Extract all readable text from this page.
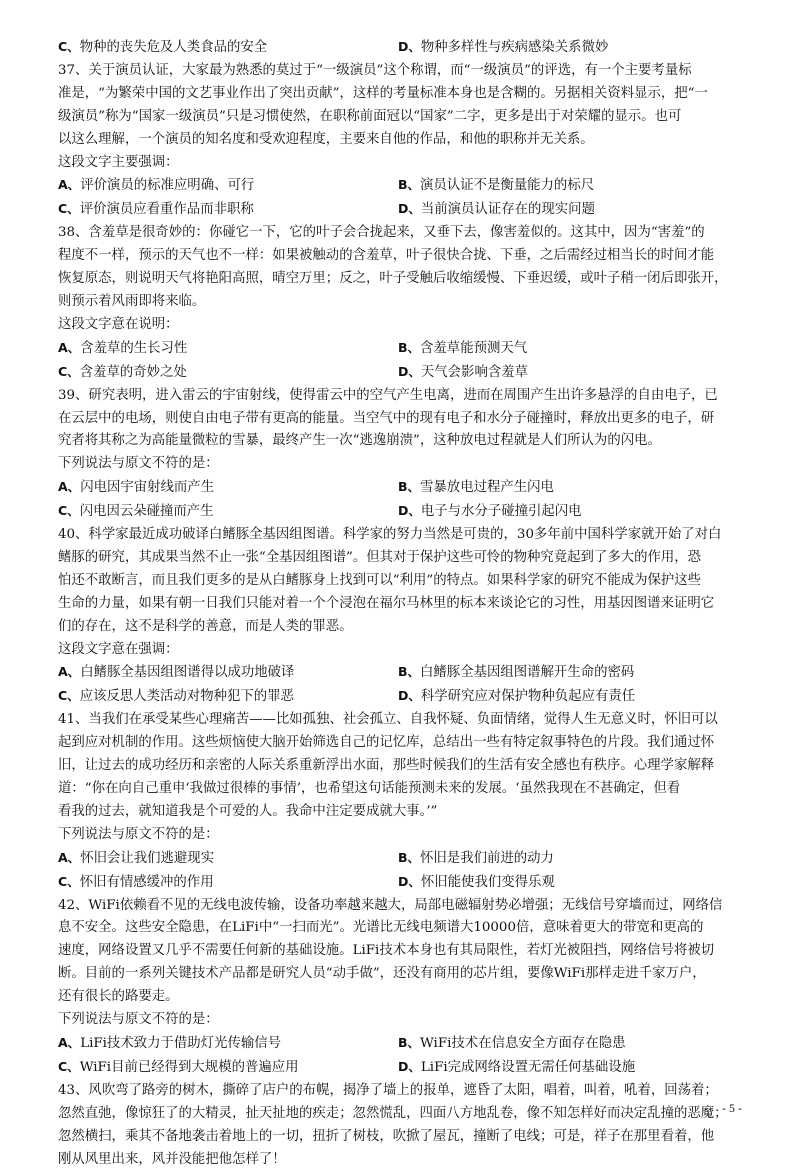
C、物种的丧失危及人类食品的安全	D、物种多样性与疾病感染关系微妙
37、关于演员认证，大家最为熟悉的莫过于“一级演员”这个称谓，而“一级演员”的评选，有一个主要考量标
准是，“为繁荣中国的文艺事业作出了突出贡献”，这样的考量标准本身也是含糊的。另据相关资料显示，把“一
级演员”称为“国家一级演员”只是习惯使然，在职称前面冠以“国家”二字，更多是出于对荣耀的显示。也可
以这么理解，一个演员的知名度和受欢迎程度，主要来自他的作品，和他的职称并无关系。
这段文字主要强调：
A、评价演员的标准应明确、可行	B、演员认证不是衡量能力的标尺
C、评价演员应看重作品而非职称	D、当前演员认证存在的现实问题
38、含羞草是很奇妙的：你碰它一下，它的叶子会合拢起来，又垂下去，像害羞似的。这其中，因为“害羞”的
程度不一样，预示的天气也不一样：如果被触动的含羞草，叶子很快合拢、下垂，之后需经过相当长的时间才能
恢复原态，则说明天气将艳阳高照，晴空万里；反之，叶子受触后收缩缓慢、下垂迟缓，或叶子稍一闭后即张开，
则预示着风雨即将来临。
这段文字意在说明：
A、含羞草的生长习性	B、含羞草能预测天气
C、含羞草的奇妙之处	D、天气会影响含羞草
39、研究表明，进入雷云的宇宙射线，使得雷云中的空气产生电离，进而在周围产生出许多悬浮的自由电子，已
在云层中的电场，则使自由电子带有更高的能量。当空气中的现有电子和水分子碰撞时，释放出更多的电子，研
究者将其称之为高能量微粒的雪暴，最终产生一次“逃逸崩溃”，这种放电过程就是人们所认为的闪电。
下列说法与原文不符的是：
A、闪电因宇宙射线而产生	B、雪暴放电过程产生闪电
C、闪电因云朵碰撞而产生	D、电子与水分子碰撞引起闪电
40、科学家最近成功破译白鳍豚全基因组图谱。科学家的努力当然是可贵的，30多年前中国科学家就开始了对白
鳍豚的研究，其成果当然不止一张“全基因组图谱”。但其对于保护这些可怜的物种究竟起到了多大的作用，恐
怕还不敢断言，而且我们更多的是从白鳍豚身上找到可以“利用”的特点。如果科学家的研究不能成为保护这些
生命的力量，如果有朝一日我们只能对着一个个浸泡在福尔马林里的标本来谈论它的习性，用基因图谱来证明它
们的存在，这不是科学的善意，而是人类的罪恶。
这段文字意在强调：
A、白鳍豚全基因组图谱得以成功地破译	B、白鳍豚全基因组图谱解开生命的密码
C、应该反思人类活动对物种犯下的罪恶	D、科学研究应对保护物种负起应有责任
41、当我们在承受某些心理痛苦——比如孤独、社会孤立、自我怀疑、负面情绪，觉得人生无意义时，怀旧可以
起到应对机制的作用。这些烦恼使大脑开始筛选自己的记忆库，总结出一些有特定叙事特色的片段。我们通过怀
旧，让过去的成功经历和亲密的人际关系重新浮出水面，那些时候我们的生活有安全感也有秩序。心理学家解释
道：“你在向自己重申‘我做过很棒的事情’，也希望这句话能预测未来的发展。‘虽然我现在不甚确定，但看
看我的过去，就知道我是个可爱的人。我命中注定要成就大事。’”
下列说法与原文不符的是：
A、怀旧会让我们逃避现实	B、怀旧是我们前进的动力
C、怀旧有情感缓冲的作用	D、怀旧能使我们变得乐观
42、WiFi依赖看不见的无线电波传输，设备功率越来越大，局部电磁辐射势必增强；无线信号穿墙而过，网络信
息不安全。这些安全隐患，在LiFi中“一扫而光”。光谱比无线电频谱大10000倍，意味着更大的带宽和更高的
速度，网络设置又几乎不需要任何新的基础设施。LiFi技术本身也有其局限性，若灯光被阻挡，网络信号将被切
断。目前的一系列关键技术产品都是研究人员“动手做”，还没有商用的芯片组，要像WiFi那样走进千家万户，
还有很长的路要走。
下列说法与原文不符的是：
A、LiFi技术致力于借助灯光传输信号	B、WiFi技术在信息安全方面存在隐患
C、WiFi目前已经得到大规模的普遍应用	D、LiFi完成网络设置无需任何基础设施
43、风吹弯了路旁的树木，撕碎了店户的布幌，揭净了墙上的报单，遮昏了太阳，唱着，叫着，吼着，回荡着；
忽然直弛，像惊狂了的大精灵，扯天扯地的疾走；忽然慌乱，四面八方地乱卷，像不知怎样好而决定乱撞的恶魔；
忽然横扫，乘其不备地袭击着地上的一切，扭折了树枝，吹掀了屋瓦，撞断了电线；可是，祥子在那里看着，他
刚从风里出来，风并没能把他怎样了！
- 5 -
